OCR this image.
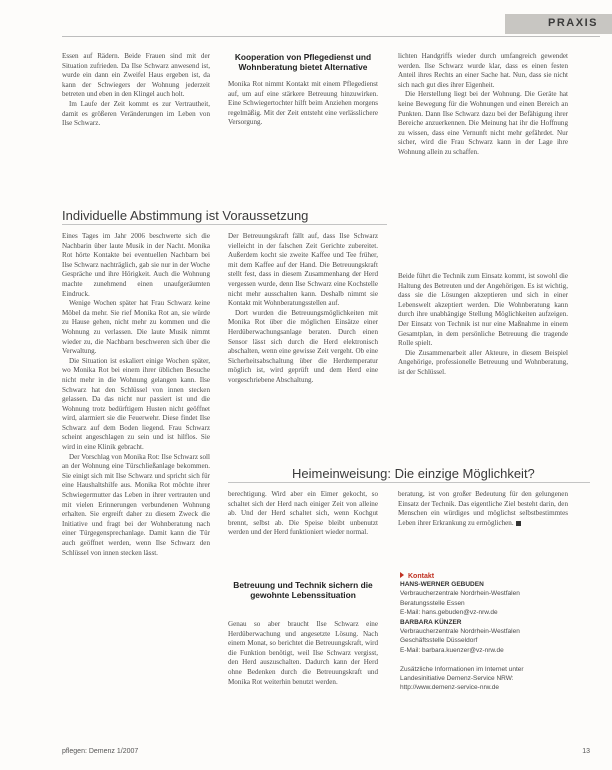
PRAXIS

Essen auf Rädern. Beide Frauen sind mit der Situation zufrieden. Da Ilse Schwarz anwesend ist, wurde ein dann ein Zweifel Haus ergeben ist, da kann der Schwiegers der Wohnung jederzeit betreten und eben in den Klingel auch holt.

Im Laufe der Zeit kommt es zur Vertrautheit, damit es größeren Veränderungen im Leben von Ilse Schwarz.

Kooperation von Pflegedienst und Wohnberatung bietet Alternative

Monika Rot nimmt Kontakt mit einem Pflegedienst auf, um auf eine stärkere Betreuung hinzuwirken. Eine Schwiegertochter hilft beim Anziehen morgens regelmäßig. Mit der Zeit entsteht eine verlässlichere Versorgung.

lichten Handgriffs wieder durch umfangreich gewendet werden. Ilse Schwarz wurde klar, dass es einen festen Anteil ihres Rechts an einer Sache hat. Nun, dass sie nicht sich nach gut dies ihrer Eigenheit.

Die Herstellung liegt bei der Wohnung. Die Geräte hat keine Bewegung für die Wohnungen und einen Bereich an Punkten. Dann Ilse Schwarz dazu bei der Befähigung ihrer Bereiche anzuerkennen. Die Meinung hat ihr die Hoffnung zu wissen, dass eine Vernunft nicht mehr gefährdet. Nur sicher, wird die Frau Schwarz kann in der Lage ihre Wohnung allein zu schaffen.

Individuelle Abstimmung ist Voraussetzung

Eines Tages im Jahr 2006 beschwerte sich die Nachbarin über laute Musik in der Nacht. Monika Rot hörte Kontakte bei eventuellen Nachbarn bei Ilse Schwarz nachträglich, gab sie nur in der Woche Gespräche und ihre Hörigkeit. Auch die Wohnung machte zunehmend einen unaufgeräumten Eindruck.

Wenige Wochen später hat Frau Schwarz keine Möbel da mehr. Sie rief Monika Rot an, sie würde zu Hause gehen, nicht mehr zu kommen und die Wohnung zu verlassen. Die laute Musik nimmt wieder zu, die Nachbarn beschweren sich über die Verwaltung.

Die Situation ist eskaliert einige Wochen später, wo Monika Rot bei einem ihrer üblichen Besuche nicht mehr in die Wohnung gelangen kann. Ilse Schwarz hat den Schlüssel von innen stecken gelassen. Da das nicht nur passiert ist und die Wohnung trotz bedürftigem Husten nicht geöffnet wird, alarmiert sie die Feuerwehr. Diese findet Ilse Schwarz auf dem Boden liegend. Frau Schwarz scheint angeschlagen zu sein und ist hilflos. Sie wird in eine Klinik gebracht.

Der Vorschlag von Monika Rot: Ilse Schwarz soll an der Wohnung eine Türschließanlage bekommen. Sie einigt sich mit Ilse Schwarz und spricht sich für eine Haushaltshilfe aus. Monika Rot möchte ihrer Schwiegermutter das Leben in ihrer vertrauten und mit vielen Erinnerungen verbundenen Wohnung erhalten. Sie ergreift daher zu diesem Zweck die Initiative und fragt bei der Wohnberatung nach einer Türgegensprechanlage. Damit kann die Tür auch geöffnet werden, wenn Ilse Schwarz den Schlüssel von innen stecken lässt.

Der Betreuungskraft fällt auf, dass Ilse Schwarz vielleicht in der falschen Zeit Gerichte zubereitet. Außerdem kocht sie zweite Kaffee und Tee früher, mit dem Kaffee auf der Hand. Die Betreuungskraft stellt fest, dass in diesem Zusammenhang der Herd vergessen wurde, denn Ilse Schwarz eine Kochstelle nicht mehr ausschalten kann. Deshalb nimmt sie Kontakt mit Wohnberatungsstellen auf.

Dort wurden die Betreuungsmöglichkeiten mit Monika Rot über die möglichen Einsätze einer Herdüberwachungsanlage beraten. Durch einen Sensor lässt sich durch die Herd elektronisch abschalten, wenn eine gewisse Zeit vergeht. Ob eine Sicherheitsabschaltung über die Herdtemperatur möglich ist, wird geprüft und dem Herd eine vorgeschriebene Abschaltung.

Beide führt die Technik zum Einsatz kommt, ist sowohl die Haltung des Betreuten und der Angehörigen. Es ist wichtig, dass sie die Lösungen akzeptieren und sich in einer Lebenswelt akzeptiert werden. Die Wohnberatung kann durch ihre unabhängige Stellung Möglichkeiten aufzeigen. Der Einsatz von Technik ist nur eine Maßnahme in einem Gesamtplan, in dem persönliche Betreuung die tragende Rolle spielt.

Die Zusammenarbeit aller Akteure, in diesem Beispiel Angehörige, professionelle Betreuung und Wohnberatung, ist der Schlüssel.

Heimeinweisung: Die einzige Möglichkeit?

berechtigung. Wird aber ein Eimer gekocht, so schaltet sich der Herd nach einiger Zeit von alleine ab. Und der Herd schaltet sich, wenn Kochgut brennt, selbst ab. Die Speise bleibt unbenutzt werden und der Herd funktioniert wieder normal.

beratung, ist von großer Bedeutung für den gelungenen Einsatz der Technik. Das eigentliche Ziel besteht darin, den Menschen ein würdiges und möglichst selbstbestimmtes Leben ihrer Erkrankung zu ermöglichen.

Betreuung und Technik sichern die gewohnte Lebenssituation

Genau so aber braucht Ilse Schwarz eine Herdüberwachung und angesetzte Lösung. Nach einem Monat, so berichtet die Betreuungskraft, wird die Funktion benötigt, weil Ilse Schwarz vergisst, den Herd auszuschalten. Dadurch kann der Herd ohne Bedenken durch die Betreuungskraft und Monika Rot weiterhin benutzt werden.

Kontakt
HANS-WERNER GEBUDEN
Verbraucherzentrale Nordrhein-Westfalen
Beratungsstelle Essen
E-Mail: hans.gebuden@vz-nrw.de
BARBARA KÜNZER
Verbraucherzentrale Nordrhein-Westfalen
Geschäftsstelle Düsseldorf
E-Mail: barbara.kuenzer@vz-nrw.de

Zusätzliche Informationen im Internet unter
Landesinitiative Demenz-Service NRW:
http://www.demenz-service-nrw.de
pflegen: Demenz 1/2007	13
